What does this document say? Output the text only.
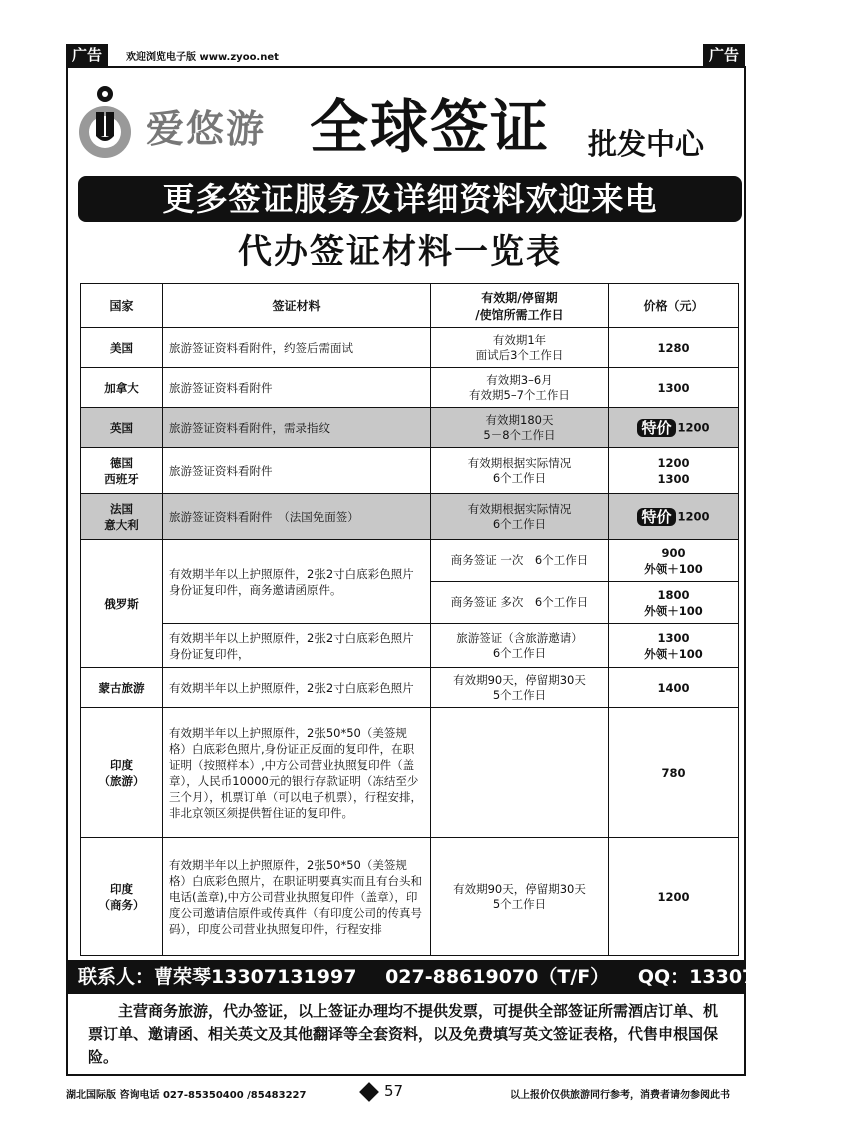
广告	欢迎浏览电子版 www.zyoo.net	广告
爱悠游 全球签证 批发中心
更多签证服务及详细资料欢迎来电
代办签证材料一览表
国家	签证材料	有效期/停留期
/使馆所需工作日	价格（元）
美国	旅游签证资料看附件，约签后需面试	有效期1年
面试后3个工作日	1280
加拿大	旅游签证资料看附件	有效期3–6月
有效期5–7个工作日	1300
英国	旅游签证资料看附件，需录指纹	有效期180天
5－8个工作日	特价 1200

德国
西班牙	旅游签证资料看附件	有效期根据实际情况
6个工作日	1200
1300

法国
意大利	旅游签证资料看附件　（法国免面签）	有效期根据实际情况
6个工作日	特价 1200
俄罗斯	有效期半年以上护照原件，2张2寸白底彩色照片身份证复印件，商务邀请函原件。	商务签证 一次　6个工作日	900
外领＋100

		商务签证 多次　6个工作日	1800
外领＋100

	有效期半年以上护照原件，2张2寸白底彩色照片身份证复印件，	旅游签证（含旅游邀请）
6个工作日	1300
外领＋100

蒙古旅游	有效期半年以上护照原件，2张2寸白底彩色照片	有效期90天，停留期30天
5个工作日	1400

印度
（旅游）	有效期半年以上护照原件，2张50*50（美签规格）白底彩色照片,身份证正反面的复印件，在职证明（按照样本）,中方公司营业执照复印件（盖章），人民币10000元的银行存款证明（冻结至少三个月），机票订单（可以电子机票），行程安排，非北京领区须提供暂住证的复印件。		780

印度
（商务）	有效期半年以上护照原件，2张50*50（美签规格）白底彩色照片，在职证明要真实而且有台头和电话(盖章),中方公司营业执照复印件（盖章），印度公司邀请信原件或传真件（有印度公司的传真号码），印度公司营业执照复印件，行程安排	有效期90天，停留期30天
5个工作日	1200
联系人：曹荣琴13307131997 027-88619070（T/F） QQ：13307131997
主营商务旅游，代办签证，以上签证办理均不提供发票，可提供全部签证所需酒店订单、机票订单、邀请函、相关英文及其他翻译等全套资料，以及免费填写英文签证表格，代售申根国保险。
湖北国际版 咨询电话 027-85350400 /85483227	57	以上报价仅供旅游同行参考，消费者请勿参阅此书
